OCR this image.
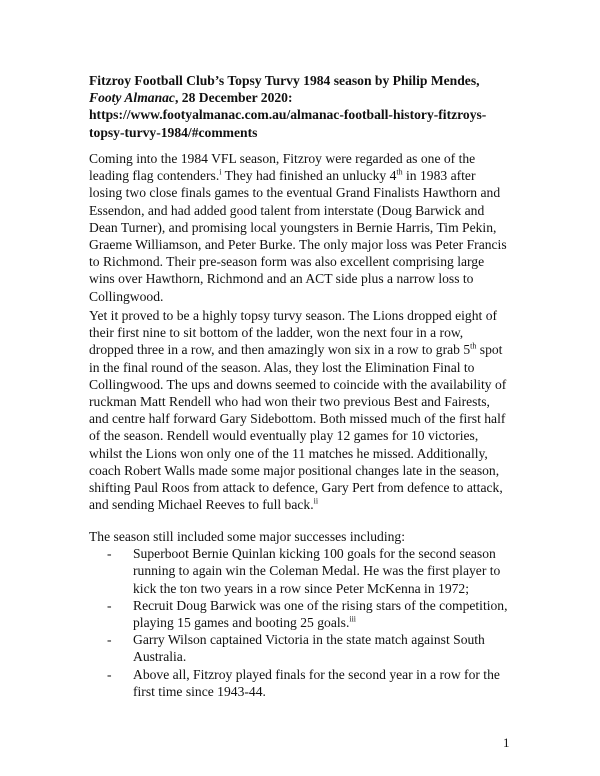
Fitzroy Football Club’s Topsy Turvy 1984 season by Philip Mendes,
Footy Almanac, 28 December 2020:
https://www.footyalmanac.com.au/almanac-football-history-fitzroys-
topsy-turvy-1984/#comments
Coming into the 1984 VFL season, Fitzroy were regarded as one of the
leading flag contenders.$^i$ They had finished an unlucky 4th in 1983 after
losing two close finals games to the eventual Grand Finalists Hawthorn and
Essendon, and had added good talent from interstate (Doug Barwick and
Dean Turner), and promising local youngsters in Bernie Harris, Tim Pekin,
Graeme Williamson, and Peter Burke. The only major loss was Peter Francis
to Richmond. Their pre-season form was also excellent comprising large
wins over Hawthorn, Richmond and an ACT side plus a narrow loss to
Collingwood.
Yet it proved to be a highly topsy turvy season. The Lions dropped eight of
their first nine to sit bottom of the ladder, won the next four in a row,
dropped three in a row, and then amazingly won six in a row to grab 5th spot
in the final round of the season. Alas, they lost the Elimination Final to
Collingwood. The ups and downs seemed to coincide with the availability of
ruckman Matt Rendell who had won their two previous Best and Fairests,
and centre half forward Gary Sidebottom. Both missed much of the first half
of the season. Rendell would eventually play 12 games for 10 victories,
whilst the Lions won only one of the 11 matches he missed. Additionally,
coach Robert Walls made some major positional changes late in the season,
shifting Paul Roos from attack to defence, Gary Pert from defence to attack,
and sending Michael Reeves to full back.$^{ii}$
The season still included some major successes including:
- Superboot Bernie Quinlan kicking 100 goals for the second season
running to again win the Coleman Medal. He was the first player to
kick the ton two years in a row since Peter McKenna in 1972;
- Recruit Doug Barwick was one of the rising stars of the competition,
playing 15 games and booting 25 goals.$^{iii}$
- Garry Wilson captained Victoria in the state match against South
Australia.
- Above all, Fitzroy played finals for the second year in a row for the
first time since 1943-44.
1
